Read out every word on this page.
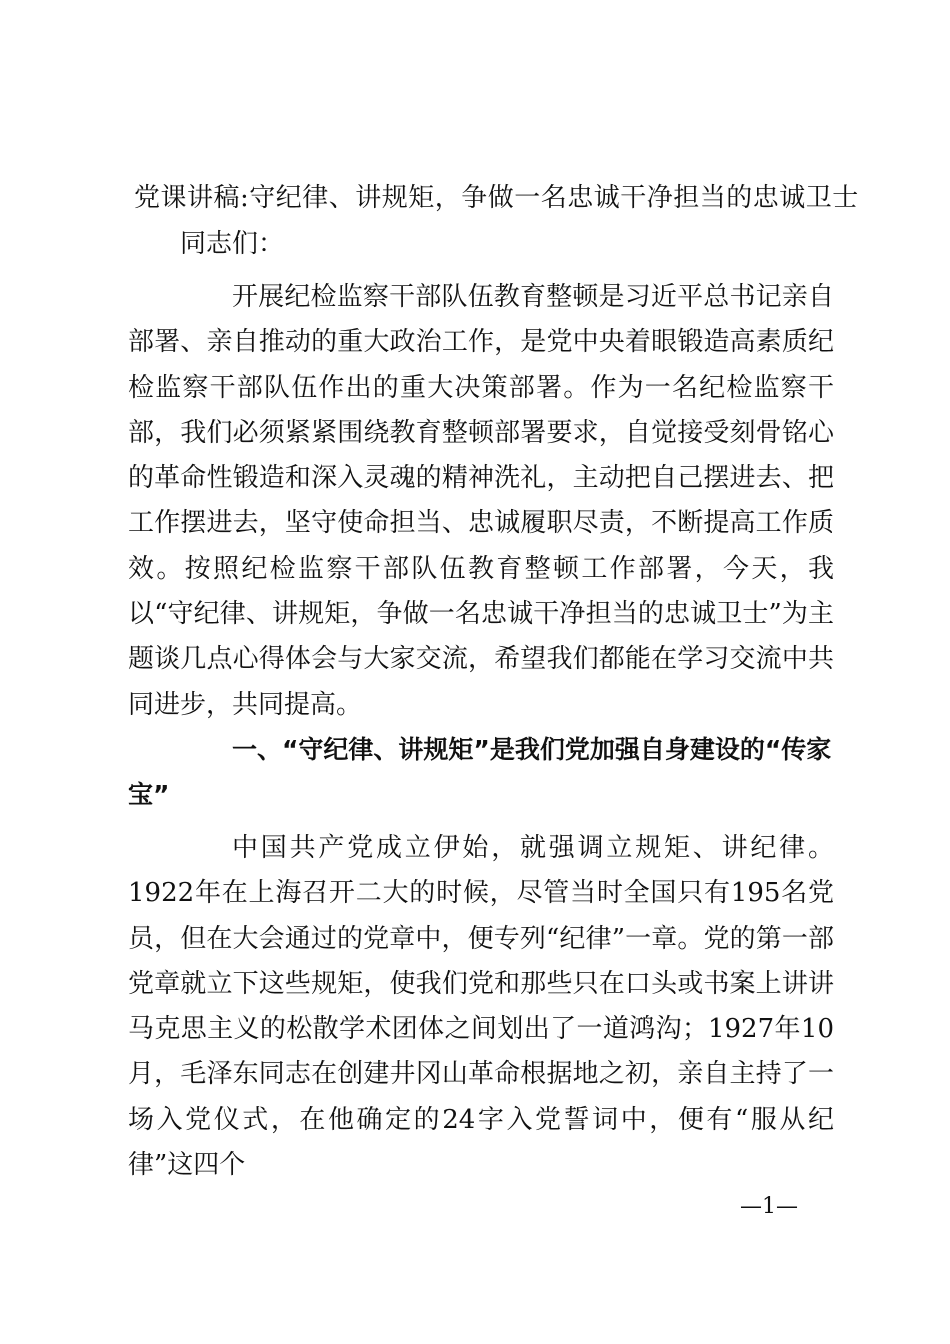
党课讲稿:守纪律、讲规矩，争做一名忠诚干净担当的忠诚卫士
同志们：

开展纪检监察干部队伍教育整顿是习近平总书记亲自部署、亲自推动的重大政治工作，是党中央着眼锻造高素质纪检监察干部队伍作出的重大决策部署。作为一名纪检监察干部，我们必须紧紧围绕教育整顿部署要求，自觉接受刻骨铭心的革命性锻造和深入灵魂的精神洗礼，主动把自己摆进去、把工作摆进去，坚守使命担当、忠诚履职尽责，不断提高工作质效。按照纪检监察干部队伍教育整顿工作部署，今天，我以“守纪律、讲规矩，争做一名忠诚干净担当的忠诚卫士”为主题谈几点心得体会与大家交流，希望我们都能在学习交流中共同进步，共同提高。

一、“守纪律、讲规矩”是我们党加强自身建设的“传家宝”

中国共产党成立伊始，就强调立规矩、讲纪律。1922年在上海召开二大的时候，尽管当时全国只有195名党员，但在大会通过的党章中，便专列“纪律”一章。党的第一部党章就立下这些规矩，使我们党和那些只在口头或书案上讲讲马克思主义的松散学术团体之间划出了一道鸿沟；1927年10月，毛泽东同志在创建井冈山革命根据地之初，亲自主持了一场入党仪式，在他确定的24字入党誓词中，便有“服从纪律”这四个

—1—
